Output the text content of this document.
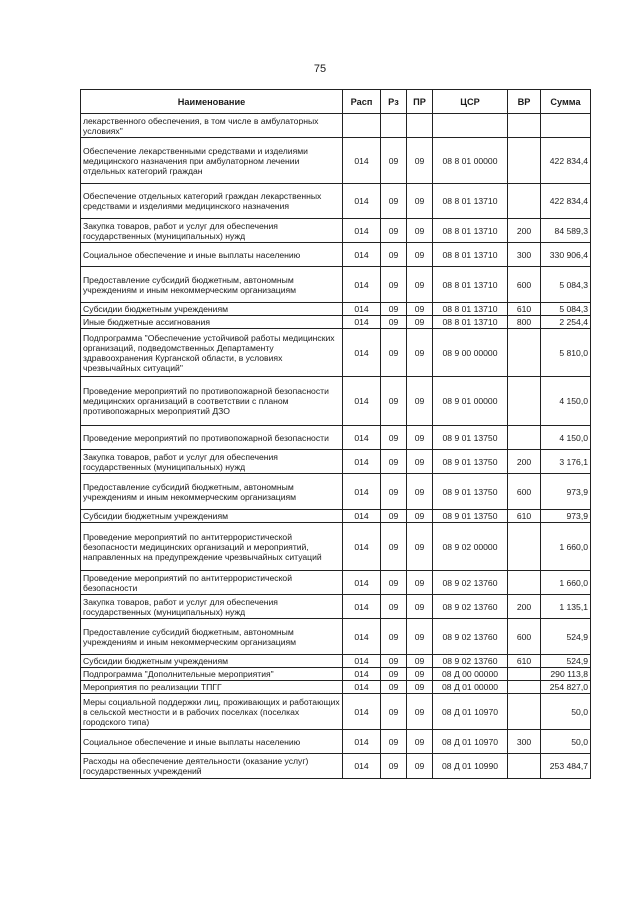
75
Наименование	Расп	Рз	ПР	ЦСР	ВР	Сумма
лекарственного обеспечения, в том числе в амбулаторных условиях"						
Обеспечение лекарственными средствами и изделиями медицинского назначения при амбулаторном лечении отдельных категорий граждан	014	09	09	08 8 01 00000		422 834,4
Обеспечение отдельных категорий граждан лекарственных средствами и изделиями медицинского назначения	014	09	09	08 8 01 13710		422 834,4
Закупка товаров, работ и услуг для обеспечения государственных (муниципальных) нужд	014	09	09	08 8 01 13710	200	84 589,3
Социальное обеспечение и иные выплаты населению	014	09	09	08 8 01 13710	300	330 906,4
Предоставление субсидий бюджетным, автономным учреждениям и иным некоммерческим организациям	014	09	09	08 8 01 13710	600	5 084,3
Субсидии бюджетным учреждениям	014	09	09	08 8 01 13710	610	5 084,3
Иные бюджетные ассигнования	014	09	09	08 8 01 13710	800	2 254,4
Подпрограмма "Обеспечение устойчивой работы медицинских организаций, подведомственных Департаменту здравоохранения Курганской области, в условиях чрезвычайных ситуаций"	014	09	09	08 9 00 00000		5 810,0
Проведение мероприятий по противопожарной безопасности медицинских организаций в соответствии с планом противопожарных мероприятий ДЗО	014	09	09	08 9 01 00000		4 150,0
Проведение мероприятий по противопожарной безопасности	014	09	09	08 9 01 13750		4 150,0
Закупка товаров, работ и услуг для обеспечения государственных (муниципальных) нужд	014	09	09	08 9 01 13750	200	3 176,1
Предоставление субсидий бюджетным, автономным учреждениям и иным некоммерческим организациям	014	09	09	08 9 01 13750	600	973,9
Субсидии бюджетным учреждениям	014	09	09	08 9 01 13750	610	973,9
Проведение мероприятий по антитеррористической безопасности медицинских организаций и мероприятий, направленных на предупреждение чрезвычайных ситуаций	014	09	09	08 9 02 00000		1 660,0
Проведение мероприятий по антитеррористической безопасности	014	09	09	08 9 02 13760		1 660,0
Закупка товаров, работ и услуг для обеспечения государственных (муниципальных) нужд	014	09	09	08 9 02 13760	200	1 135,1
Предоставление субсидий бюджетным, автономным учреждениям и иным некоммерческим организациям	014	09	09	08 9 02 13760	600	524,9
Субсидии бюджетным учреждениям	014	09	09	08 9 02 13760	610	524,9
Подпрограмма "Дополнительные мероприятия"	014	09	09	08 Д 00 00000		290 113,8
Мероприятия по реализации ТПГГ	014	09	09	08 Д 01 00000		254 827,0
Меры социальной поддержки лиц, проживающих и работающих в сельской местности и в рабочих поселках (поселках городского типа)	014	09	09	08 Д 01 10970		50,0
Социальное обеспечение и иные выплаты населению	014	09	09	08 Д 01 10970	300	50,0
Расходы на обеспечение деятельности (оказание услуг) государственных учреждений	014	09	09	08 Д 01 10990		253 484,7
